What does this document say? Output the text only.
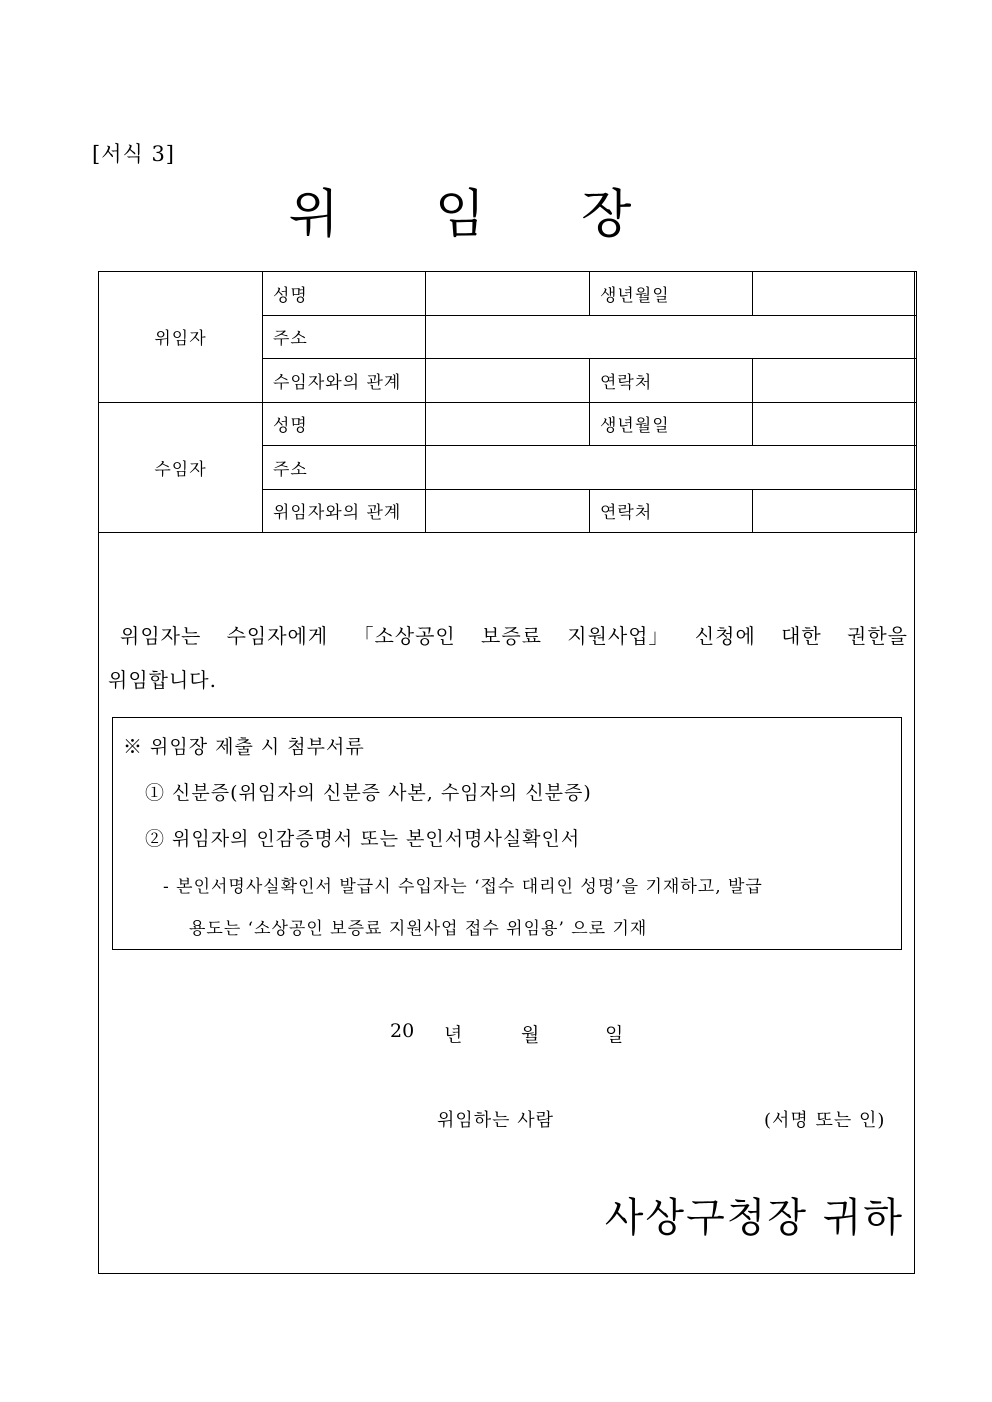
[서식 3]
위임장
위임자	성명		생년월일	
	주소			
	수임자와의 관계		연락처	
수임자	성명		생년월일	
	주소			
	위임자와의 관계		연락처	
위임자는 수임자에게 「소상공인 보증료 지원사업」 신청에 대한 권한을
위임합니다.
※ 위임장 제출 시 첨부서류
① 신분증(위임자의 신분증 사본, 수임자의 신분증)
② 위임자의 인감증명서 또는 본인서명사실확인서
- 본인서명사실확인서 발급시 수입자는 ‘접수 대리인 성명’을 기재하고, 발급
용도는 ‘소상공인 보증료 지원사업 접수 위임용’ 으로 기재
20 년	월	일
위임하는 사람	(서명 또는 인)
사상구청장 귀하
